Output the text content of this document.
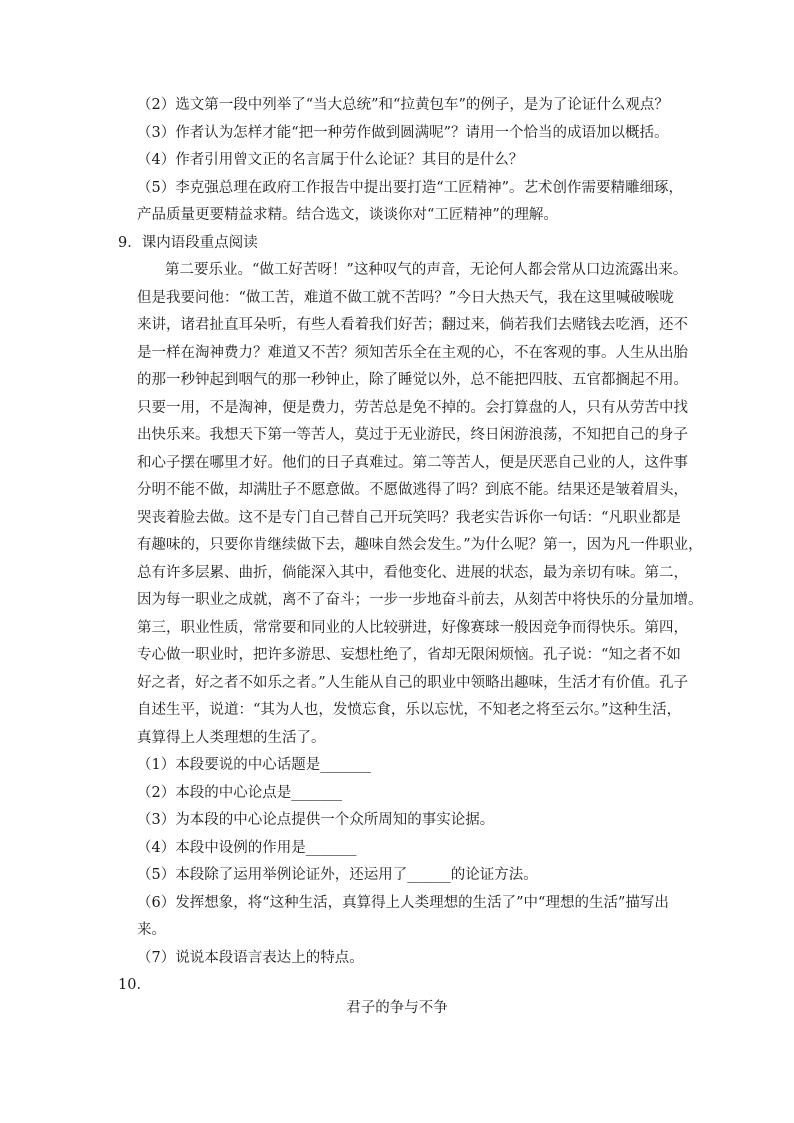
（2）选文第一段中列举了“当大总统”和“拉黄包车”的例子，是为了论证什么观点？
（3）作者认为怎样才能“把一种劳作做到圆满呢”？请用一个恰当的成语加以概括。
（4）作者引用曾文正的名言属于什么论证？其目的是什么？
（5）李克强总理在政府工作报告中提出要打造“工匠精神”。艺术创作需要精雕细琢，
产品质量更要精益求精。结合选文，谈谈你对“工匠精神”的理解。
9．课内语段重点阅读
第二要乐业。“做工好苦呀！”这种叹气的声音，无论何人都会常从口边流露出来。
但是我要问他：“做工苦，难道不做工就不苦吗？”今日大热天气，我在这里喊破喉咙
来讲，诸君扯直耳朵听，有些人看着我们好苦；翻过来，倘若我们去赌钱去吃酒，还不
是一样在淘神费力？难道又不苦？须知苦乐全在主观的心，不在客观的事。人生从出胎
的那一秒钟起到咽气的那一秒钟止，除了睡觉以外，总不能把四肢、五官都搁起不用。
只要一用，不是淘神，便是费力，劳苦总是免不掉的。会打算盘的人，只有从劳苦中找
出快乐来。我想天下第一等苦人，莫过于无业游民，终日闲游浪荡，不知把自己的身子
和心子摆在哪里才好。他们的日子真难过。第二等苦人，便是厌恶自己业的人，这件事
分明不能不做，却满肚子不愿意做。不愿做逃得了吗？到底不能。结果还是皱着眉头，
哭丧着脸去做。这不是专门自己替自己开玩笑吗？我老实告诉你一句话：“凡职业都是
有趣味的，只要你肯继续做下去，趣味自然会发生。”为什么呢？第一，因为凡一件职业，
总有许多层累、曲折，倘能深入其中，看他变化、进展的状态，最为亲切有味。第二，
因为每一职业之成就，离不了奋斗；一步一步地奋斗前去，从刻苦中将快乐的分量加增。
第三，职业性质，常常要和同业的人比较骈进，好像赛球一般因竞争而得快乐。第四，
专心做一职业时，把许多游思、妄想杜绝了，省却无限闲烦恼。孔子说：“知之者不如
好之者，好之者不如乐之者。”人生能从自己的职业中领略出趣味，生活才有价值。孔子
自述生平，说道：“其为人也，发愤忘食，乐以忘忧，不知老之将至云尔。”这种生活，
真算得上人类理想的生活了。
（1）本段要说的中心话题是_______
（2）本段的中心论点是_______
（3）为本段的中心论点提供一个众所周知的事实论据。
（4）本段中设例的作用是_______
（5）本段除了运用举例论证外，还运用了______的论证方法。
（6）发挥想象，将“这种生活，真算得上人类理想的生活了”中“理想的生活”描写出
来。
（7）说说本段语言表达上的特点。
10．
君子的争与不争
